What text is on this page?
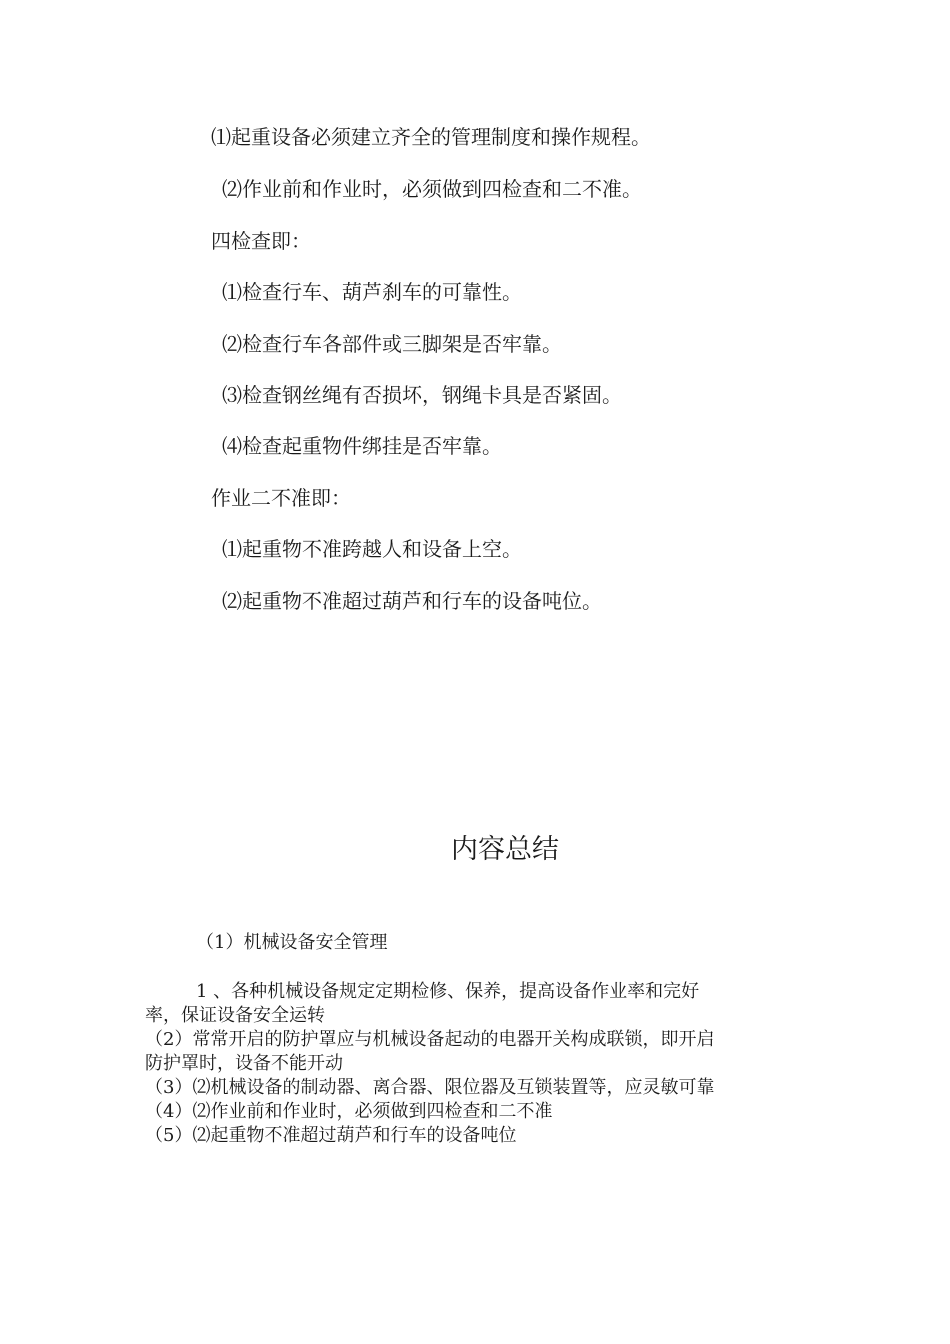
⑴起重设备必须建立齐全的管理制度和操作规程。
⑵作业前和作业时，必须做到四检查和二不准。
四检查即：
⑴检查行车、葫芦刹车的可靠性。
⑵检查行车各部件或三脚架是否牢靠。
⑶检查钢丝绳有否损坏，钢绳卡具是否紧固。
⑷检查起重物件绑挂是否牢靠。
作业二不准即：
⑴起重物不准跨越人和设备上空。
⑵起重物不准超过葫芦和行车的设备吨位。
内容总结
（1）机械设备安全管理
1 、各种机械设备规定定期检修、保养，提高设备作业率和完好
率，保证设备安全运转
（2）常常开启的防护罩应与机械设备起动的电器开关构成联锁，即开启
防护罩时，设备不能开动
（3）⑵机械设备的制动器、离合器、限位器及互锁装置等，应灵敏可靠
（4）⑵作业前和作业时，必须做到四检查和二不准
（5）⑵起重物不准超过葫芦和行车的设备吨位
